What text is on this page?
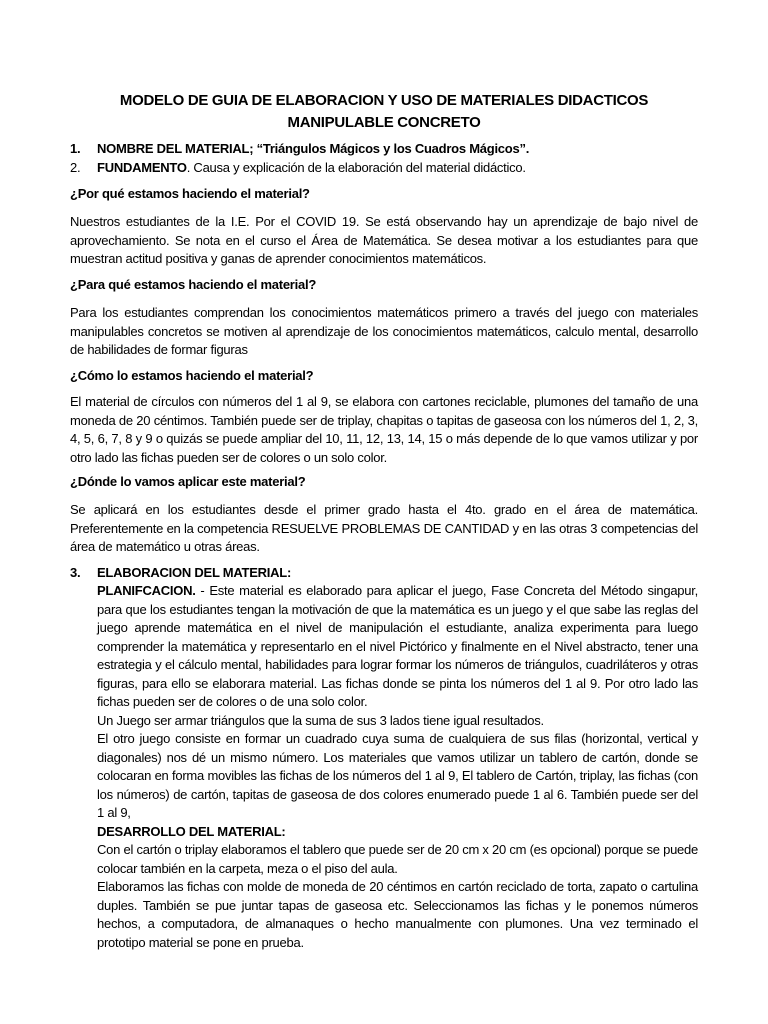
MODELO DE GUIA DE ELABORACION Y USO DE MATERIALES DIDACTICOS
MANIPULABLE CONCRETO
1. NOMBRE DEL MATERIAL; “Triángulos Mágicos y los Cuadros Mágicos”.
2. FUNDAMENTO. Causa y explicación de la elaboración del material didáctico.
¿Por qué estamos haciendo el material?
Nuestros estudiantes de la I.E. Por el COVID 19. Se está observando hay un aprendizaje de bajo nivel de aprovechamiento. Se nota en el curso el Área de Matemática. Se desea motivar a los estudiantes para que muestran actitud positiva y ganas de aprender conocimientos matemáticos.
¿Para qué estamos haciendo el material?
Para los estudiantes comprendan los conocimientos matemáticos primero a través del juego con materiales manipulables concretos se motiven al aprendizaje de los conocimientos matemáticos, calculo mental, desarrollo de habilidades de formar figuras
¿Cómo lo estamos haciendo el material?
El material de círculos con números del 1 al 9, se elabora con cartones reciclable, plumones del tamaño de una moneda de 20 céntimos. También puede ser de triplay, chapitas o tapitas de gaseosa con los números del 1, 2, 3, 4, 5, 6, 7, 8 y 9 o quizás se puede ampliar del 10, 11, 12, 13, 14, 15 o más depende de lo que vamos utilizar y por otro lado las fichas pueden ser de colores o un solo color.
¿Dónde lo vamos aplicar este material?
Se aplicará en los estudiantes desde el primer grado hasta el 4to. grado en el área de matemática. Preferentemente en la competencia RESUELVE PROBLEMAS DE CANTIDAD y en las otras 3 competencias del área de matemático u otras áreas.
3. ELABORACION DEL MATERIAL:

PLANIFCACION. - Este material es elaborado para aplicar el juego, Fase Concreta del Método singapur, para que los estudiantes tengan la motivación de que la matemática es un juego y el que sabe las reglas del juego aprende matemática en el nivel de manipulación el estudiante, analiza experimenta para luego comprender la matemática y representarlo en el nivel Pictórico y finalmente en el Nivel abstracto, tener una estrategia y el cálculo mental, habilidades para lograr formar los números de triángulos, cuadriláteros y otras figuras, para ello se elaborara material. Las fichas donde se pinta los números del 1 al 9. Por otro lado las fichas pueden ser de colores o de una solo color.

Un Juego ser armar triángulos que la suma de sus 3 lados tiene igual resultados.

El otro juego consiste en formar un cuadrado cuya suma de cualquiera de sus filas (horizontal, vertical y diagonales) nos dé un mismo número. Los materiales que vamos utilizar un tablero de cartón, donde se colocaran en forma movibles las fichas de los números del 1 al 9, El tablero de Cartón, triplay, las fichas (con los números) de cartón, tapitas de gaseosa de dos colores enumerado puede 1 al 6. También puede ser del 1 al 9,

DESARROLLO DEL MATERIAL:

Con el cartón o triplay elaboramos el tablero que puede ser de 20 cm x 20 cm (es opcional) porque se puede colocar también en la carpeta, meza o el piso del aula.

Elaboramos las fichas con molde de moneda de 20 céntimos en cartón reciclado de torta, zapato o cartulina duples. También se pue juntar tapas de gaseosa etc. Seleccionamos las fichas y le ponemos números hechos, a computadora, de almanaques o hecho manualmente con plumones. Una vez terminado el prototipo material se pone en prueba.
